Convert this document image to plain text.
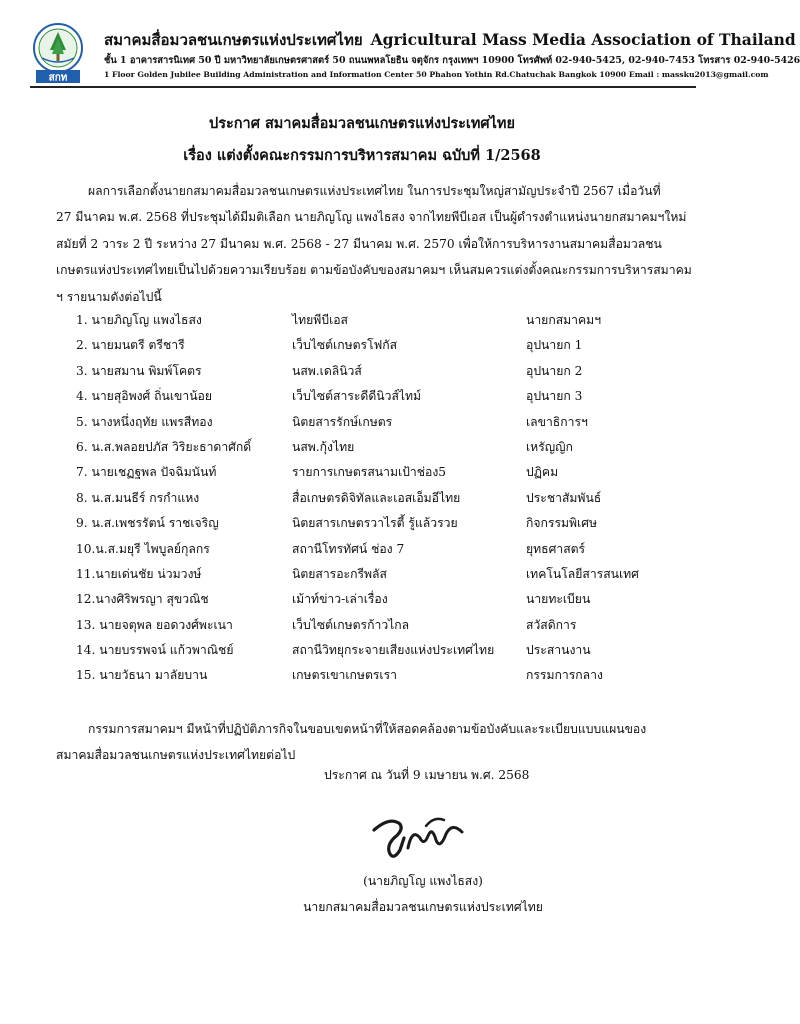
สกท
สมาคมสื่อมวลชนเกษตรแห่งประเทศไทย Agricultural Mass Media Association of Thailand
ชั้น 1 อาคารสารนิเทศ 50 ปี มหาวิทยาลัยเกษตรศาสตร์ 50 ถนนพหลโยธิน จตุจักร กรุงเทพฯ 10900 โทรศัพท์ 02-940-5425, 02-940-7453 โทรสาร 02-940-5426
1 Floor Golden Jubilee Building Administration and Information Center 50 Phahon Yothin Rd.Chatuchak Bangkok 10900 Email : massku2013@gmail.com
ประกาศ สมาคมสื่อมวลชนเกษตรแห่งประเทศไทย
เรื่อง แต่งตั้งคณะกรรมการบริหารสมาคม ฉบับที่ 1/2568
ผลการเลือกตั้งนายกสมาคมสื่อมวลชนเกษตรแห่งประเทศไทย ในการประชุมใหญ่สามัญประจำปี 2567 เมื่อวันที่
27 มีนาคม พ.ศ. 2568 ที่ประชุมได้มีมติเลือก นายภิญโญ แพงไธสง จากไทยพีบีเอส เป็นผู้ดำรงตำแหน่งนายกสมาคมฯใหม่
สมัยที่ 2 วาระ 2 ปี ระหว่าง 27 มีนาคม พ.ศ. 2568 - 27 มีนาคม พ.ศ. 2570 เพื่อให้การบริหารงานสมาคมสื่อมวลชน
เกษตรแห่งประเทศไทยเป็นไปด้วยความเรียบร้อย ตามข้อบังคับของสมาคมฯ เห็นสมควรแต่งตั้งคณะกรรมการบริหารสมาคม
ฯ รายนามดังต่อไปนี้
1. นายภิญโญ แพงไธสง	ไทยพีบีเอส	นายกสมาคมฯ
2. นายมนตรี ตรีชารี	เว็บไซต์เกษตรโฟกัส	อุปนายก 1
3. นายสมาน พิมพ์โคตร	นสพ.เดลินิวส์	อุปนายก 2
4. นายสุอิพงศ์ ถิ่นเขาน้อย	เว็บไซต์สาระดีดีนิวส์ไทม์	อุปนายก 3
5. นางหนึ่งฤทัย แพรสีทอง	นิตยสารรักษ์เกษตร	เลขาธิการฯ
6. น.ส.พลอยปภัส วิริยะธาดาศักดิ์	นสพ.กุ้งไทย	เหรัญญิก
7. นายเชฏฐพล ปัจฉิมนันท์	รายการเกษตรสนามเป้าช่อง5	ปฏิคม
8. น.ส.มนธีร์ กรกำแหง	สื่อเกษตรดิจิทัลและเอสเอ็มอีไทย	ประชาสัมพันธ์
9. น.ส.เพชรรัตน์ ราชเจริญ	นิตยสารเกษตรวาไรตี้ รู้แล้วรวย	กิจกรรมพิเศษ
10.น.ส.มยุรี ไพบูลย์กุลกร	สถานีโทรทัศน์ ช่อง 7	ยุทธศาสตร์
11.นายเด่นชัย น่วมวงษ์	นิตยสารอะกรีพลัส	เทคโนโลยีสารสนเทศ
12.นางศิริพรญา สุขวณิช	เม้าท์ข่าว-เล่าเรื่อง	นายทะเบียน
13. นายจตุพล ยอดวงศ์พะเนา	เว็บไซต์เกษตรก้าวไกล	สวัสดิการ
14. นายบรรพจน์ แก้วพาณิชย์	สถานีวิทยุกระจายเสียงแห่งประเทศไทย	ประสานงาน
15. นายวัธนา มาลัยบาน	เกษตรเขาเกษตรเรา	กรรมการกลาง
กรรมการสมาคมฯ มีหน้าที่ปฏิบัติภารกิจในขอบเขตหน้าที่ให้สอดคล้องตามข้อบังคับและระเบียบแบบแผนของ
สมาคมสื่อมวลชนเกษตรแห่งประเทศไทยต่อไป
ประกาศ ณ วันที่ 9 เมษายน พ.ศ. 2568
(นายภิญโญ แพงไธสง)
นายกสมาคมสื่อมวลชนเกษตรแห่งประเทศไทย
